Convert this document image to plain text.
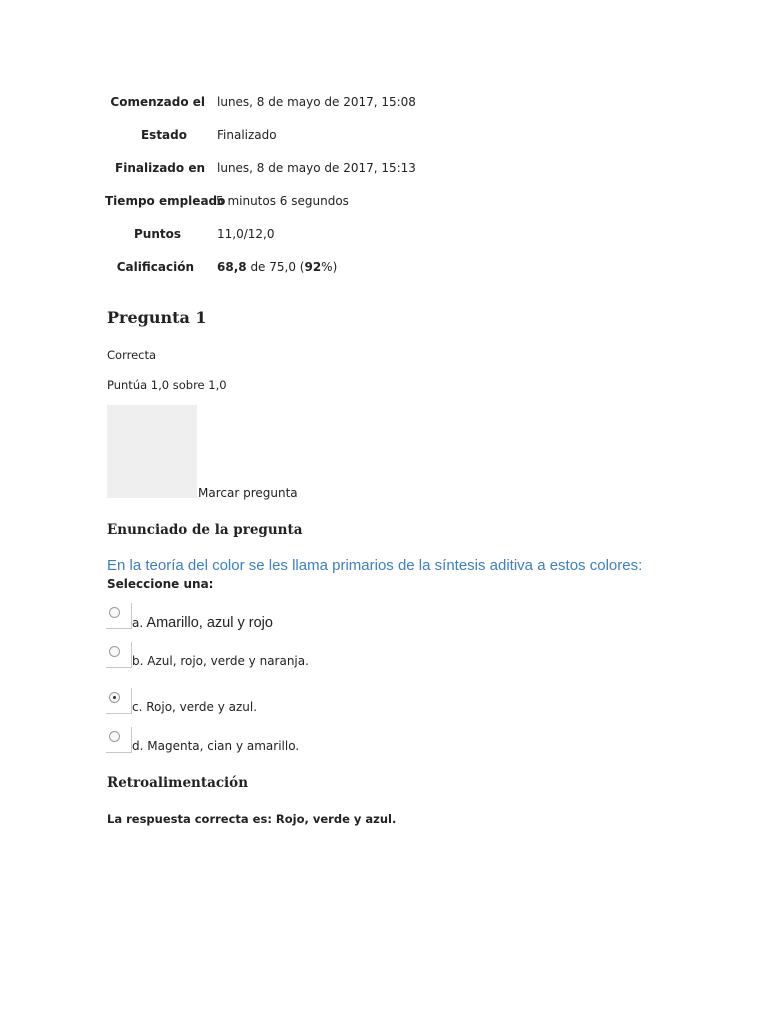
Comenzado el lunes, 8 de mayo de 2017, 15:08
Estado	Finalizado
Finalizado en lunes, 8 de mayo de 2017, 15:13
Tiempo empleado
5 minutos 6 segundos
Puntos	11,0/12,0
Calificación 68,8 de 75,0 (92%)
Pregunta 1
Correcta
Puntúa 1,0 sobre 1,0
Marcar pregunta
Enunciado de la pregunta
En la teoría del color se les llama primarios de la síntesis aditiva a estos colores:
Seleccione una:
a. Amarillo, azul y rojo
b. Azul, rojo, verde y naranja.
c. Rojo, verde y azul.
d. Magenta, cian y amarillo.
Retroalimentación
La respuesta correcta es: Rojo, verde y azul.
